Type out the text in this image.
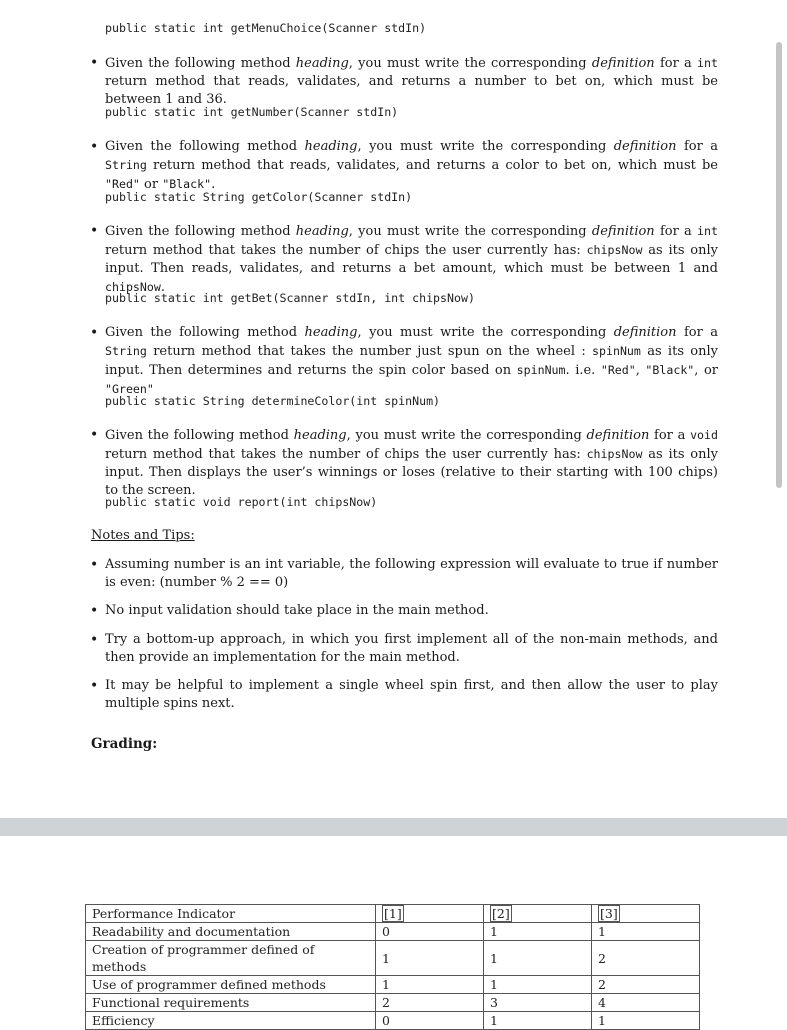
public static int getMenuChoice(Scanner stdIn)
•
Given the following method heading, you must write the corresponding definition for a int return method that reads, validates, and returns a number to bet on, which must be between 1 and 36.
public static int getNumber(Scanner stdIn)
•
Given the following method heading, you must write the corresponding definition for a String return method that reads, validates, and returns a color to bet on, which must be "Red" or "Black".
public static String getColor(Scanner stdIn)
•
Given the following method heading, you must write the corresponding definition for a int return method that takes the number of chips the user currently has: chipsNow as its only input. Then reads, validates, and returns a bet amount, which must be between 1 and chipsNow.
public static int getBet(Scanner stdIn, int chipsNow)
•
Given the following method heading, you must write the corresponding definition for a String return method that takes the number just spun on the wheel : spinNum as its only input. Then determines and returns the spin color based on spinNum. i.e. "Red", "Black", or "Green"
public static String determineColor(int spinNum)
•
Given the following method heading, you must write the corresponding definition for a void return method that takes the number of chips the user currently has: chipsNow as its only input. Then displays the user’s winnings or loses (relative to their starting with 100 chips) to the screen.
public static void report(int chipsNow)
Notes and Tips:
•
Assuming number is an int variable, the following expression will evaluate to true if number is even: (number % 2 == 0)
•
No input validation should take place in the main method.
•
Try a bottom-up approach, in which you first implement all of the non-main methods, and then provide an implementation for the main method.
•
It may be helpful to implement a single wheel spin first, and then allow the user to play multiple spins next.
Grading:
Performance Indicator	[1]	[2]	[3]
Readability and documentation	0	1	1
Creation of programmer defined of methods	1	1	2
Use of programmer defined methods	1	1	2
Functional requirements	2	3	4
Efficiency	0	1	1
